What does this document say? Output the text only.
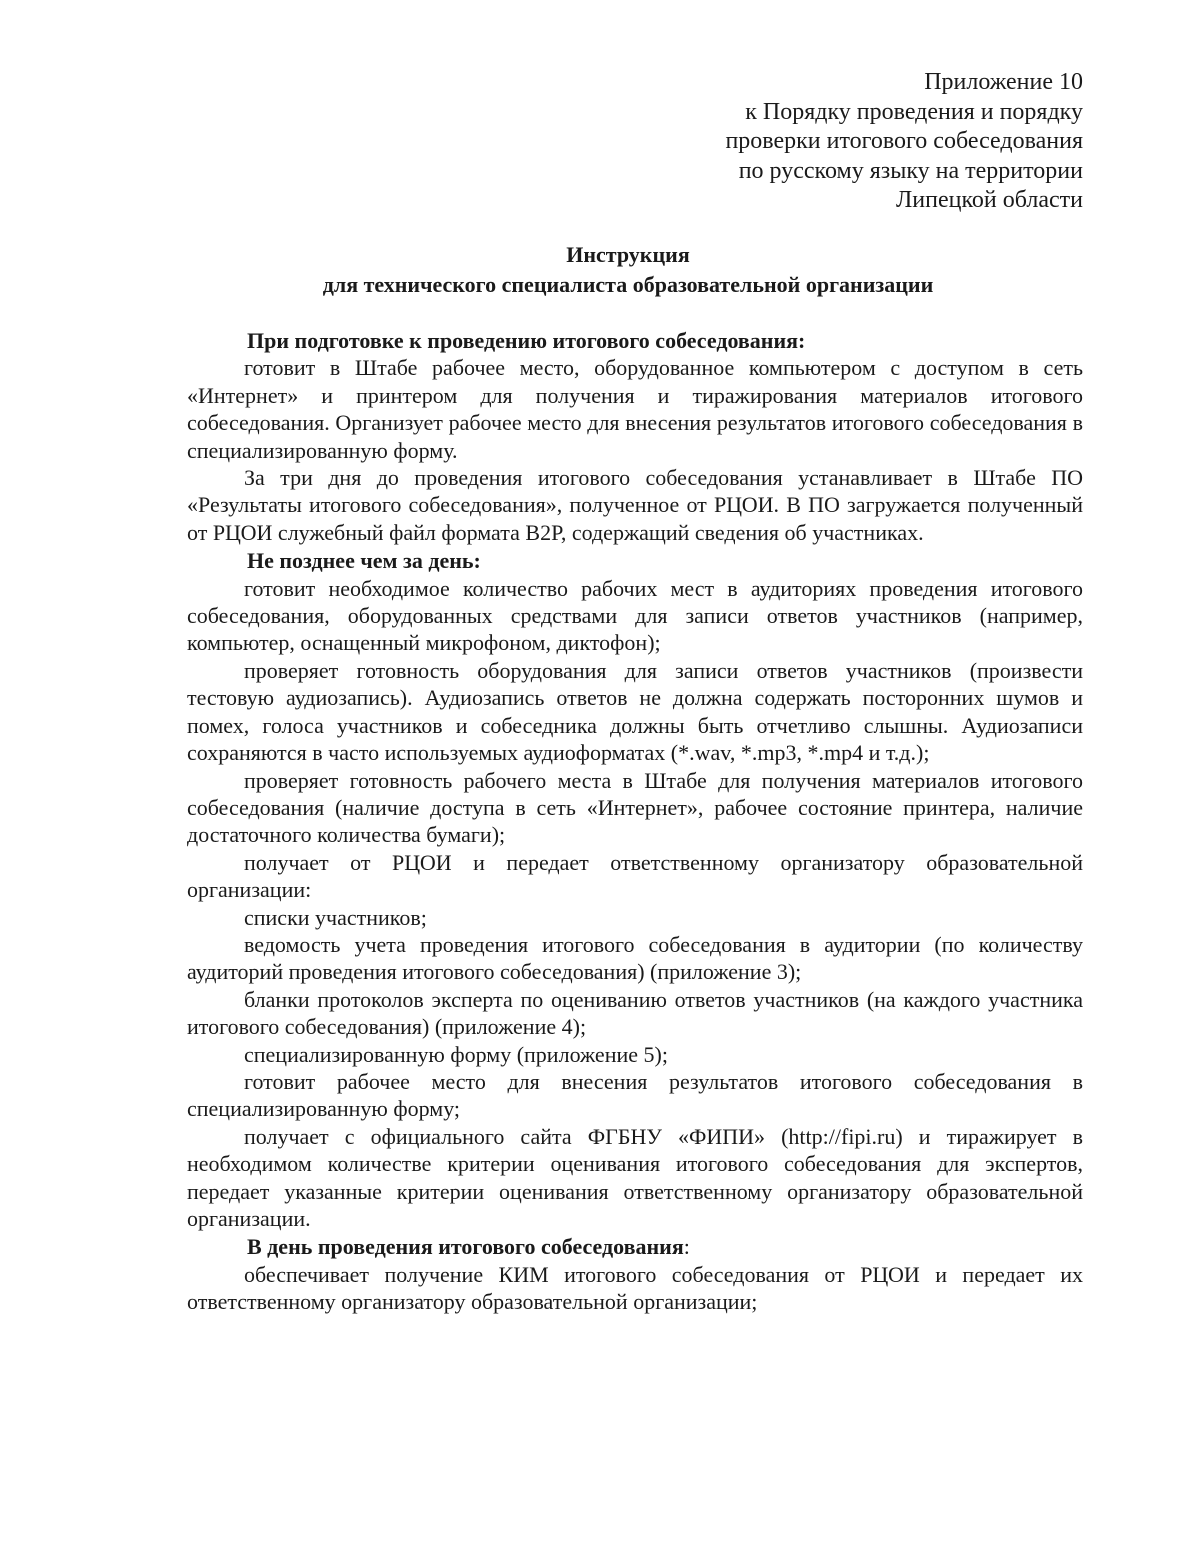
Приложение 10
к Порядку проведения и порядку
проверки итогового собеседования
по русскому языку на территории
Липецкой области
Инструкция
для технического специалиста образовательной организации

При подготовке к проведению итогового собеседования:

готовит в Штабе рабочее место, оборудованное компьютером с доступом в сеть «Интернет» и принтером для получения и тиражирования материалов итогового собеседования. Организует рабочее место для внесения результатов итогового собеседования в специализированную форму.

За три дня до проведения итогового собеседования устанавливает в Штабе ПО «Результаты итогового собеседования», полученное от РЦОИ. В ПО загружается полученный от РЦОИ служебный файл формата B2P, содержащий сведения об участниках.

Не позднее чем за день:

готовит необходимое количество рабочих мест в аудиториях проведения итогового собеседования, оборудованных средствами для записи ответов участников (например, компьютер, оснащенный микрофоном, диктофон);

проверяет готовность оборудования для записи ответов участников (произвести тестовую аудиозапись). Аудиозапись ответов не должна содержать посторонних шумов и помех, голоса участников и собеседника должны быть отчетливо слышны. Аудиозаписи сохраняются в часто используемых аудиоформатах (*.wav, *.mp3, *.mp4 и т.д.);

проверяет готовность рабочего места в Штабе для получения материалов итогового собеседования (наличие доступа в сеть «Интернет», рабочее состояние принтера, наличие достаточного количества бумаги);

получает от РЦОИ и передает ответственному организатору образовательной организации:

списки участников;

ведомость учета проведения итогового собеседования в аудитории (по количеству аудиторий проведения итогового собеседования) (приложение 3);

бланки протоколов эксперта по оцениванию ответов участников (на каждого участника итогового собеседования) (приложение 4);

специализированную форму (приложение 5);

готовит рабочее место для внесения результатов итогового собеседования в специализированную форму;

получает с официального сайта ФГБНУ «ФИПИ» (http://fipi.ru) и тиражирует в необходимом количестве критерии оценивания итогового собеседования для экспертов, передает указанные критерии оценивания ответственному организатору образовательной организации.

В день проведения итогового собеседования:

обеспечивает получение КИМ итогового собеседования от РЦОИ и передает их ответственному организатору образовательной организации;
